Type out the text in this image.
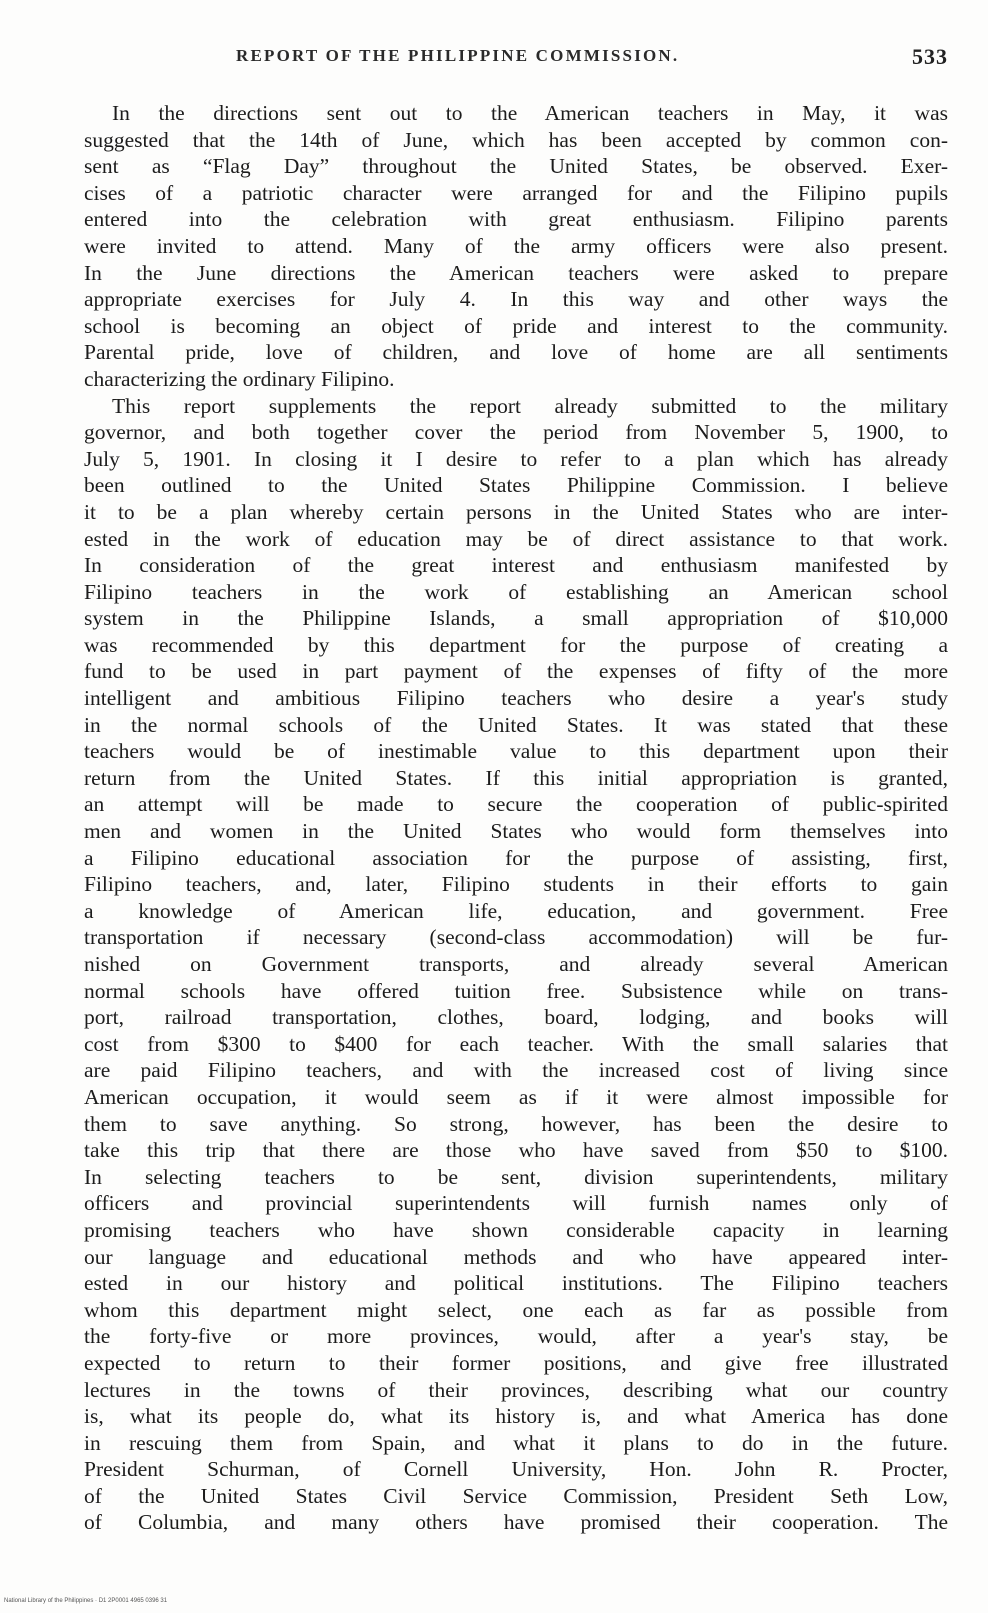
REPORT OF THE PHILIPPINE COMMISSION.	533
In the directions sent out to the American teachers in May, it was
suggested that the 14th of June, which has been accepted by common con-
sent as “Flag Day” throughout the United States, be observed. Exer-
cises of a patriotic character were arranged for and the Filipino pupils
entered into the celebration with great enthusiasm. Filipino parents
were invited to attend. Many of the army officers were also present.
In the June directions the American teachers were asked to prepare
appropriate exercises for July 4. In this way and other ways the
school is becoming an object of pride and interest to the community.
Parental pride, love of children, and love of home are all sentiments
characterizing the ordinary Filipino.
This report supplements the report already submitted to the military
governor, and both together cover the period from November 5, 1900, to
July 5, 1901. In closing it I desire to refer to a plan which has already
been outlined to the United States Philippine Commission. I believe
it to be a plan whereby certain persons in the United States who are inter-
ested in the work of education may be of direct assistance to that work.
In consideration of the great interest and enthusiasm manifested by
Filipino teachers in the work of establishing an American school
system in the Philippine Islands, a small appropriation of $10,000
was recommended by this department for the purpose of creating a
fund to be used in part payment of the expenses of fifty of the more
intelligent and ambitious Filipino teachers who desire a year's study
in the normal schools of the United States. It was stated that these
teachers would be of inestimable value to this department upon their
return from the United States. If this initial appropriation is granted,
an attempt will be made to secure the cooperation of public-spirited
men and women in the United States who would form themselves into
a Filipino educational association for the purpose of assisting, first,
Filipino teachers, and, later, Filipino students in their efforts to gain
a knowledge of American life, education, and government. Free
transportation if necessary (second-class accommodation) will be fur-
nished on Government transports, and already several American
normal schools have offered tuition free. Subsistence while on trans-
port, railroad transportation, clothes, board, lodging, and books will
cost from $300 to $400 for each teacher. With the small salaries that
are paid Filipino teachers, and with the increased cost of living since
American occupation, it would seem as if it were almost impossible for
them to save anything. So strong, however, has been the desire to
take this trip that there are those who have saved from $50 to $100.
In selecting teachers to be sent, division superintendents, military
officers and provincial superintendents will furnish names only of
promising teachers who have shown considerable capacity in learning
our language and educational methods and who have appeared inter-
ested in our history and political institutions. The Filipino teachers
whom this department might select, one each as far as possible from
the forty-five or more provinces, would, after a year's stay, be
expected to return to their former positions, and give free illustrated
lectures in the towns of their provinces, describing what our country
is, what its people do, what its history is, and what America has done
in rescuing them from Spain, and what it plans to do in the future.
President Schurman, of Cornell University, Hon. John R. Procter,
of the United States Civil Service Commission, President Seth Low,
of Columbia, and many others have promised their cooperation. The
National Library of the Philippines · D1 2P0001 4965 0396 31
